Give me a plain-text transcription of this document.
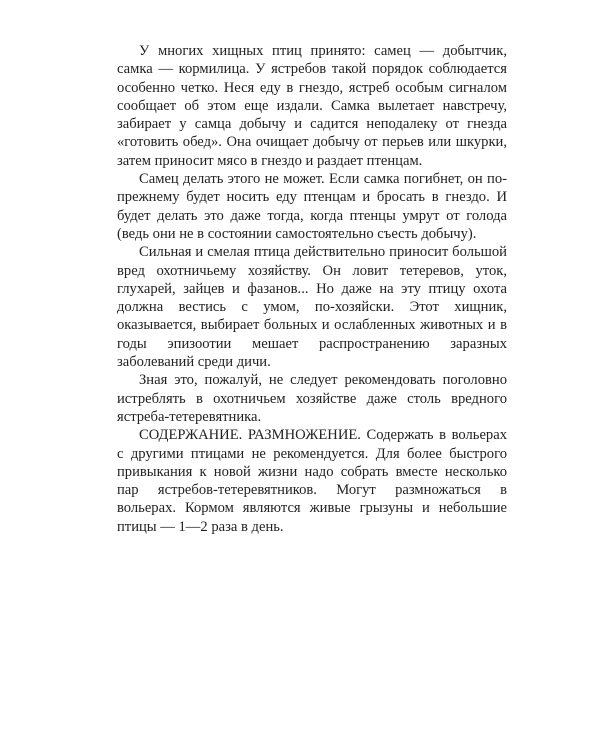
У многих хищных птиц принято: самец — добытчик, самка — кормилица. У ястребов такой порядок соблюдается особенно четко. Неся еду в гнездо, ястреб особым сигналом сообщает об этом еще издали. Самка вылетает навстречу, забирает у самца добычу и садится неподалеку от гнезда «готовить обед». Она очищает добычу от перьев или шкурки, затем приносит мясо в гнездо и раздает птенцам.

Самец делать этого не может. Если самка погибнет, он по-прежнему будет носить еду птенцам и бросать в гнездо. И будет делать это даже тогда, когда птенцы умрут от голода (ведь они не в состоянии самостоятельно съесть добычу).

Сильная и смелая птица действительно приносит большой вред охотничьему хозяйству. Он ловит тетеревов, уток, глухарей, зайцев и фазанов... Но даже на эту птицу охота должна вестись с умом, по-хозяйски. Этот хищник, оказывается, выбирает больных и ослабленных животных и в годы эпизоотии мешает распространению заразных заболеваний среди дичи.

Зная это, пожалуй, не следует рекомендовать поголовно истреблять в охотничьем хозяйстве даже столь вредного ястреба-тетеревятника.

СОДЕРЖАНИЕ. РАЗМНОЖЕНИЕ. Содержать в вольерах с другими птицами не рекомендуется. Для более быстрого привыкания к новой жизни надо собрать вместе несколько пар ястребов-тетеревятников. Могут размножаться в вольерах. Кормом являются живые грызуны и небольшие птицы — 1—2 раза в день.
